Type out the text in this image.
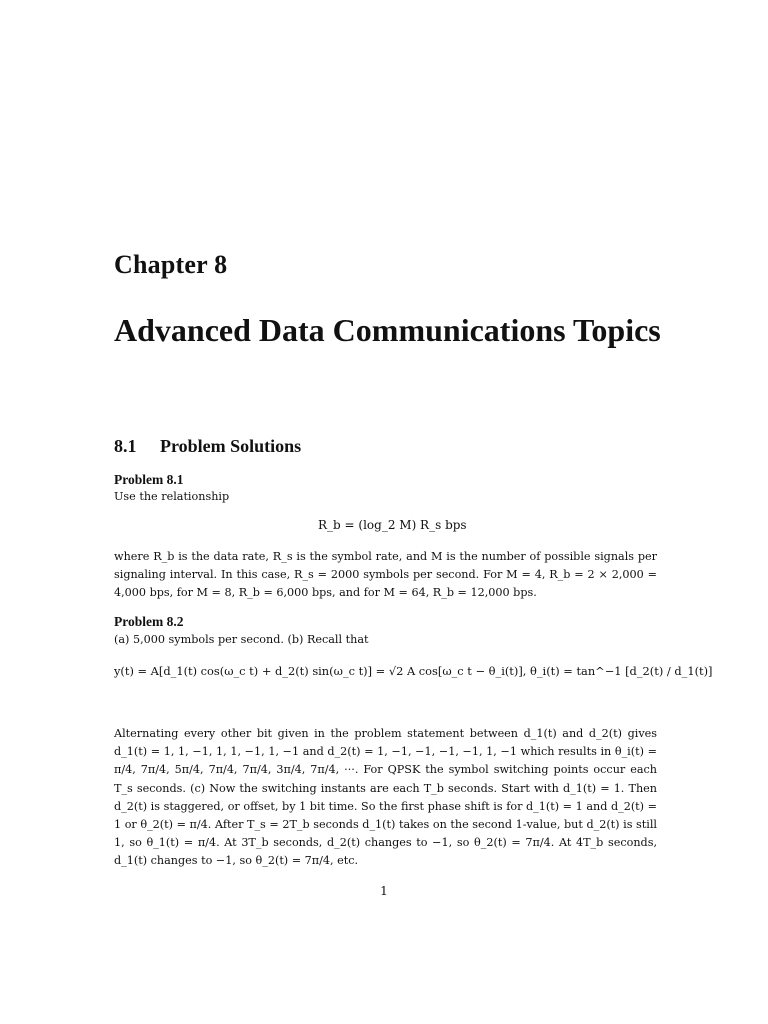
Chapter 8
Advanced Data Communications Topics
8.1 Problem Solutions
Problem 8.1
Use the relationship
R_b = (log_2 M) R_s bps
where R_b is the data rate, R_s is the symbol rate, and M is the number of possible signals per signaling interval. In this case, R_s = 2000 symbols per second. For M = 4, R_b = 2 × 2,000 = 4,000 bps, for M = 8, R_b = 6,000 bps, and for M = 64, R_b = 12,000 bps.
Problem 8.2
(a) 5,000 symbols per second. (b) Recall that
y(t) = A[d_1(t) cos(ω_c t) + d_2(t) sin(ω_c t)] = √2 A cos[ω_c t − θ_i(t)], θ_i(t) = tan^−1 [d_2(t) / d_1(t)]
Alternating every other bit given in the problem statement between d_1(t) and d_2(t) gives d_1(t) = 1, 1, −1, 1, 1, −1, 1, −1 and d_2(t) = 1, −1, −1, −1, −1, 1, −1 which results in θ_i(t) = π/4, 7π/4, 5π/4, 7π/4, 7π/4, 3π/4, 7π/4, ···. For QPSK the symbol switching points occur each T_s seconds. (c) Now the switching instants are each T_b seconds. Start with d_1(t) = 1. Then d_2(t) is staggered, or offset, by 1 bit time. So the first phase shift is for d_1(t) = 1 and d_2(t) = 1 or θ_2(t) = π/4. After T_s = 2T_b seconds d_1(t) takes on the second 1-value, but d_2(t) is still 1, so θ_1(t) = π/4. At 3T_b seconds, d_2(t) changes to −1, so θ_2(t) = 7π/4. At 4T_b seconds, d_1(t) changes to −1, so θ_2(t) = 7π/4, etc.
1
